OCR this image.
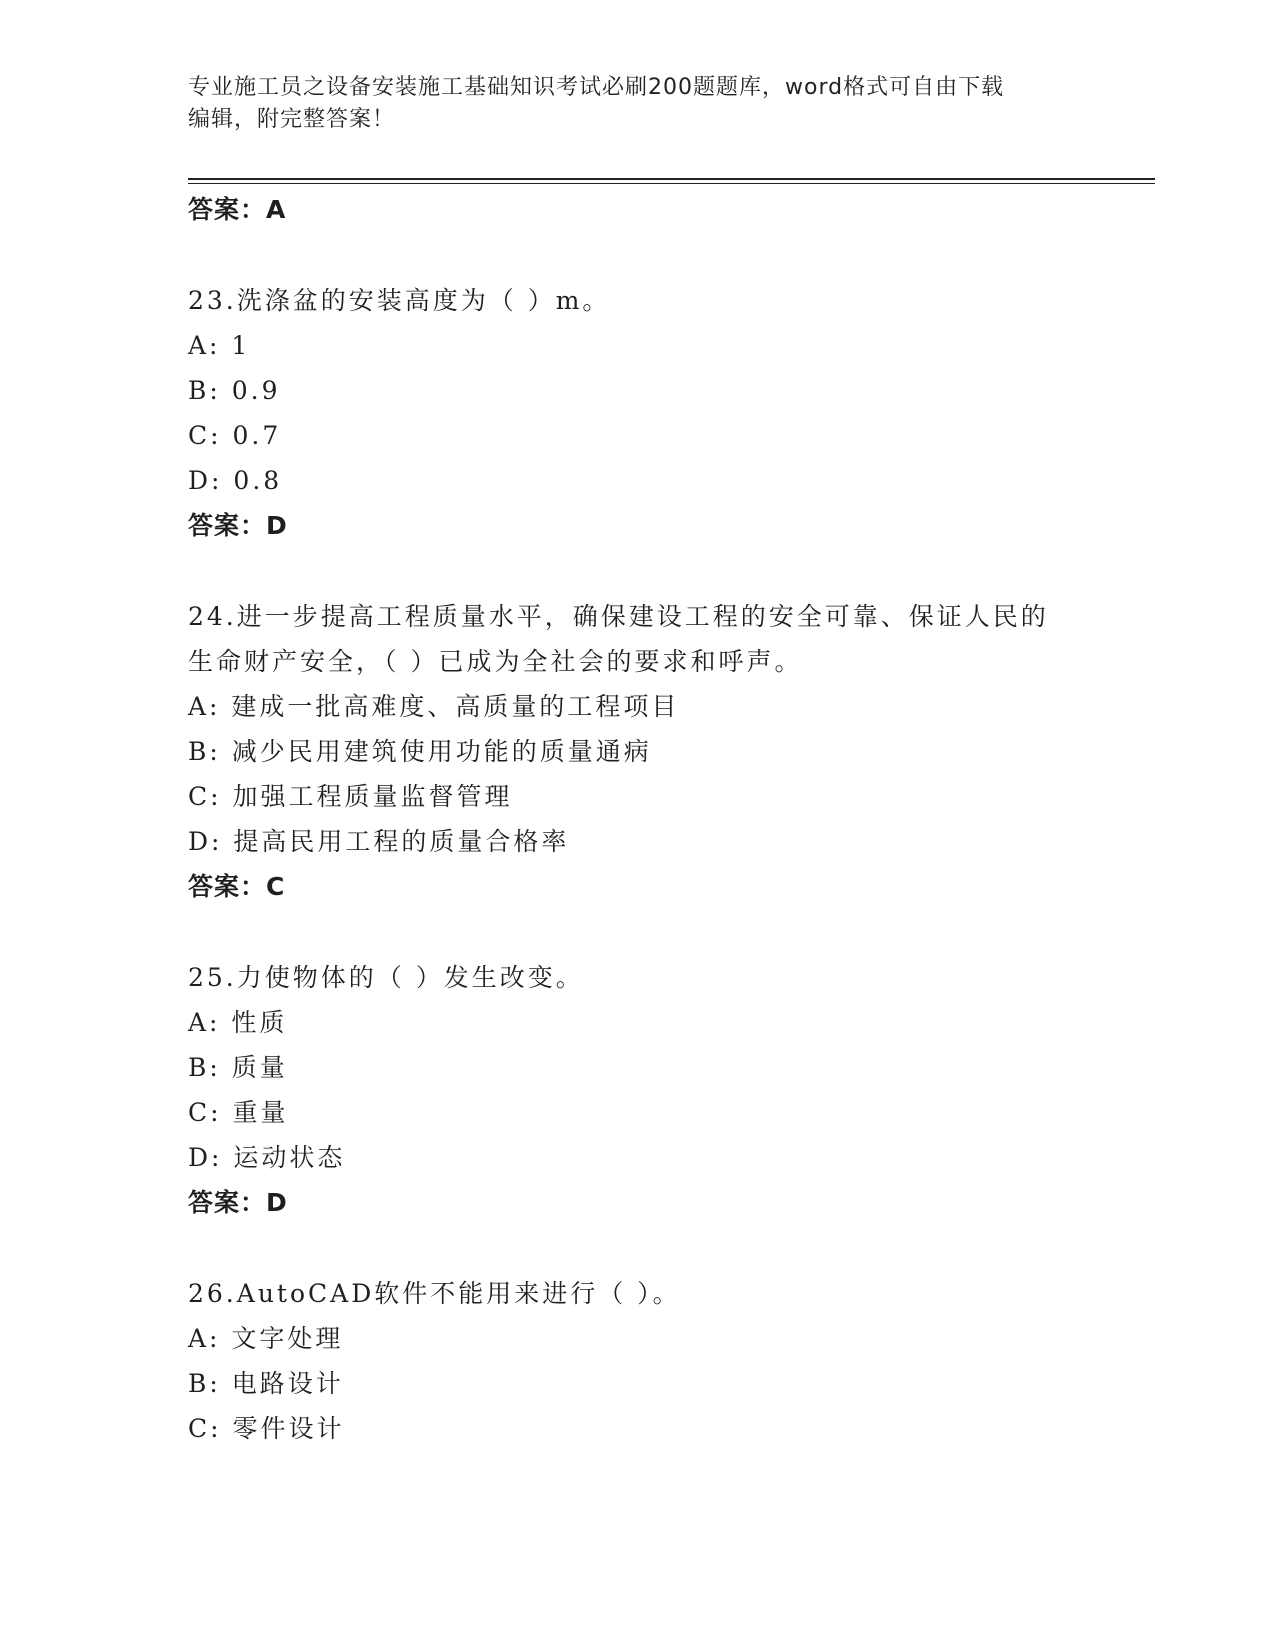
专业施工员之设备安装施工基础知识考试必刷200题题库，word格式可自由下载
编辑，附完整答案！
答案：A
23.洗涤盆的安装高度为（ ）m。
A: 1
B: 0.9
C: 0.7
D: 0.8
答案：D
24.进一步提高工程质量水平，确保建设工程的安全可靠、保证人民的
生命财产安全，（ ）已成为全社会的要求和呼声。
A: 建成一批高难度、高质量的工程项目
B: 减少民用建筑使用功能的质量通病
C: 加强工程质量监督管理
D: 提高民用工程的质量合格率
答案：C
25.力使物体的（ ）发生改变。
A: 性质
B: 质量
C: 重量
D: 运动状态
答案：D
26.AutoCAD软件不能用来进行（ ）。
A: 文字处理
B: 电路设计
C: 零件设计
